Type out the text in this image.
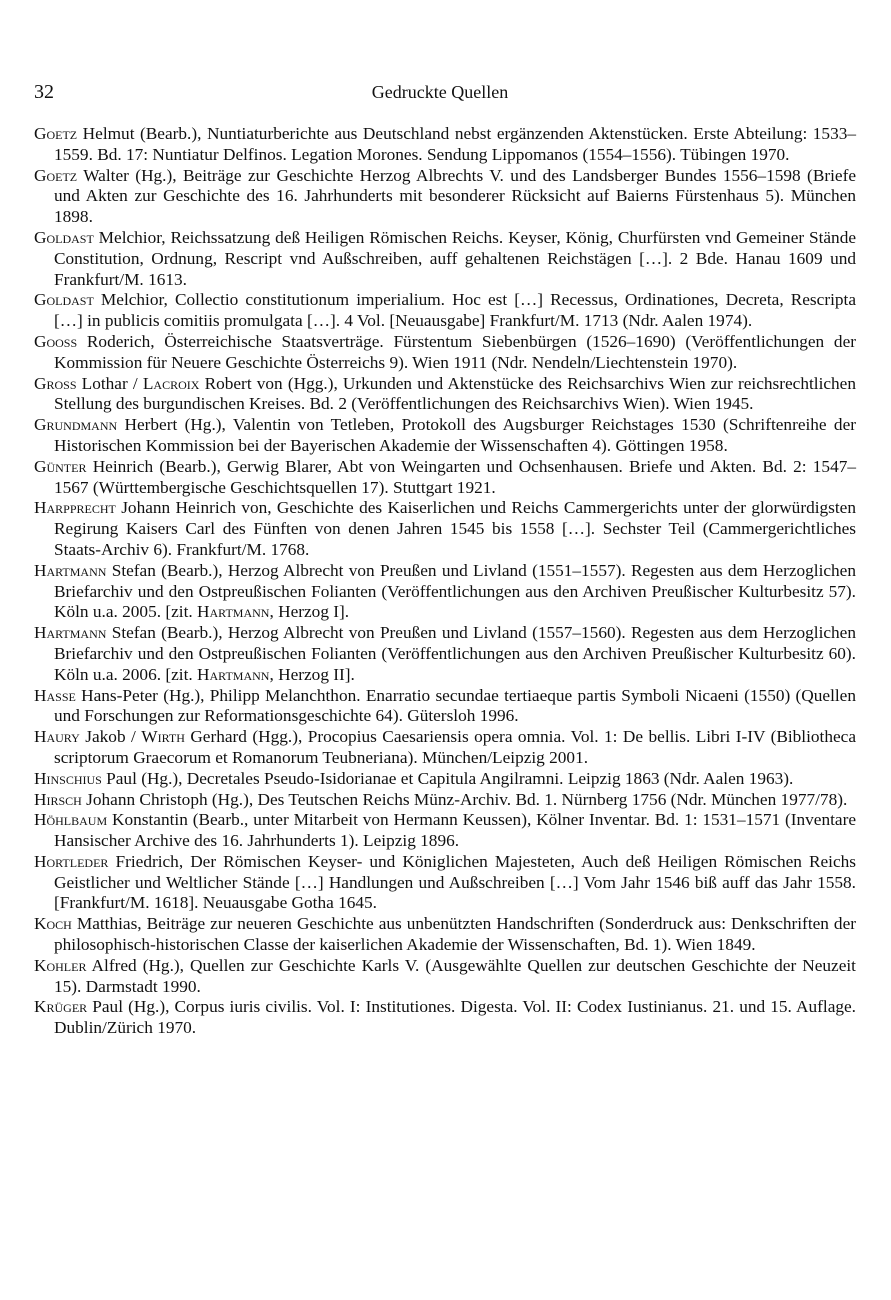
32	Gedruckte Quellen

Goetz Helmut (Bearb.), Nuntiaturberichte aus Deutschland nebst ergänzenden Aktenstücken. Erste Abteilung: 1533–1559. Bd. 17: Nuntiatur Delfinos. Legation Morones. Sendung Lippomanos (1554–1556). Tübingen 1970.

Goetz Walter (Hg.), Beiträge zur Geschichte Herzog Albrechts V. und des Landsberger Bundes 1556–1598 (Briefe und Akten zur Geschichte des 16. Jahrhunderts mit besonderer Rücksicht auf Baierns Fürstenhaus 5). München 1898.

Goldast Melchior, Reichssatzung deß Heiligen Römischen Reichs. Keyser, König, Churfürsten vnd Gemeiner Stände Constitution, Ordnung, Rescript vnd Außschreiben, auff gehaltenen Reichstägen […]. 2 Bde. Hanau 1609 und Frankfurt/M. 1613.

Goldast Melchior, Collectio constitutionum imperialium. Hoc est […] Recessus, Ordinationes, Decreta, Rescripta […] in publicis comitiis promulgata […]. 4 Vol. [Neuausgabe] Frankfurt/M. 1713 (Ndr. Aalen 1974).

Gooss Roderich, Österreichische Staatsverträge. Fürstentum Siebenbürgen (1526–1690) (Veröffentlichungen der Kommission für Neuere Geschichte Österreichs 9). Wien 1911 (Ndr. Nendeln/Liechtenstein 1970).

Gross Lothar / Lacroix Robert von (Hgg.), Urkunden und Aktenstücke des Reichsarchivs Wien zur reichsrechtlichen Stellung des burgundischen Kreises. Bd. 2 (Veröffentlichungen des Reichsarchivs Wien). Wien 1945.

Grundmann Herbert (Hg.), Valentin von Tetleben, Protokoll des Augsburger Reichstages 1530 (Schriftenreihe der Historischen Kommission bei der Bayerischen Akademie der Wissenschaften 4). Göttingen 1958.

Günter Heinrich (Bearb.), Gerwig Blarer, Abt von Weingarten und Ochsenhausen. Briefe und Akten. Bd. 2: 1547–1567 (Württembergische Geschichtsquellen 17). Stuttgart 1921.

Harpprecht Johann Heinrich von, Geschichte des Kaiserlichen und Reichs Cammergerichts unter der glorwürdigsten Regirung Kaisers Carl des Fünften von denen Jahren 1545 bis 1558 […]. Sechster Teil (Cammergerichtliches Staats-Archiv 6). Frankfurt/M. 1768.

Hartmann Stefan (Bearb.), Herzog Albrecht von Preußen und Livland (1551–1557). Regesten aus dem Herzoglichen Briefarchiv und den Ostpreußischen Folianten (Veröffentlichungen aus den Archiven Preußischer Kulturbesitz 57). Köln u.a. 2005. [zit. Hartmann, Herzog I].

Hartmann Stefan (Bearb.), Herzog Albrecht von Preußen und Livland (1557–1560). Regesten aus dem Herzoglichen Briefarchiv und den Ostpreußischen Folianten (Veröffentlichungen aus den Archiven Preußischer Kulturbesitz 60). Köln u.a. 2006. [zit. Hartmann, Herzog II].

Hasse Hans-Peter (Hg.), Philipp Melanchthon. Enarratio secundae tertiaeque partis Symboli Nicaeni (1550) (Quellen und Forschungen zur Reformationsgeschichte 64). Gütersloh 1996.

Haury Jakob / Wirth Gerhard (Hgg.), Procopius Caesariensis opera omnia. Vol. 1: De bellis. Libri I-IV (Bibliotheca scriptorum Graecorum et Romanorum Teubneriana). München/Leipzig 2001.

Hinschius Paul (Hg.), Decretales Pseudo-Isidorianae et Capitula Angilramni. Leipzig 1863 (Ndr. Aalen 1963).

Hirsch Johann Christoph (Hg.), Des Teutschen Reichs Münz-Archiv. Bd. 1. Nürnberg 1756 (Ndr. München 1977/78).

Höhlbaum Konstantin (Bearb., unter Mitarbeit von Hermann Keussen), Kölner Inventar. Bd. 1: 1531–1571 (Inventare Hansischer Archive des 16. Jahrhunderts 1). Leipzig 1896.

Hortleder Friedrich, Der Römischen Keyser- und Königlichen Majesteten, Auch deß Heiligen Römischen Reichs Geistlicher und Weltlicher Stände […] Handlungen und Außschreiben […] Vom Jahr 1546 biß auff das Jahr 1558. [Frankfurt/M. 1618]. Neuausgabe Gotha 1645.

Koch Matthias, Beiträge zur neueren Geschichte aus unbenützten Handschriften (Sonderdruck aus: Denkschriften der philosophisch-historischen Classe der kaiserlichen Akademie der Wissenschaften, Bd. 1). Wien 1849.

Kohler Alfred (Hg.), Quellen zur Geschichte Karls V. (Ausgewählte Quellen zur deutschen Geschichte der Neuzeit 15). Darmstadt 1990.

Krüger Paul (Hg.), Corpus iuris civilis. Vol. I: Institutiones. Digesta. Vol. II: Codex Iustinianus. 21. und 15. Auflage. Dublin/Zürich 1970.
